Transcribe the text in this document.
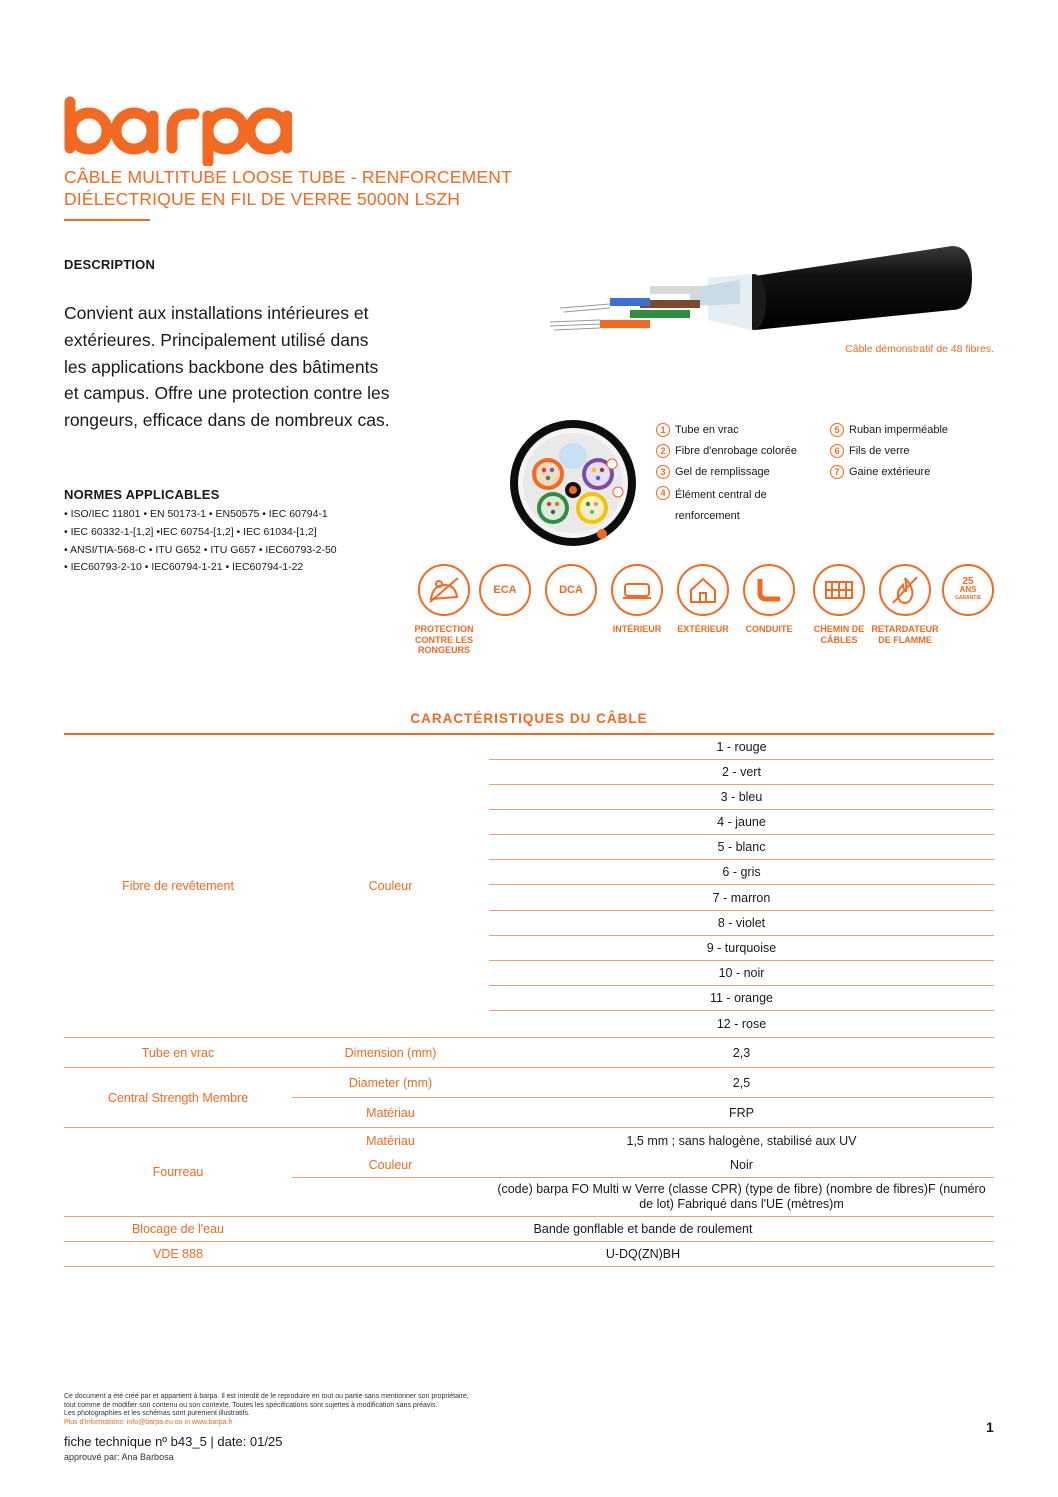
CÂBLE MULTITUBE LOOSE TUBE - RENFORCEMENT
DIÉLECTRIQUE EN FIL DE VERRE 5000N LSZH
DESCRIPTION
Convient aux installations intérieures et extérieures. Principalement utilisé dans les applications backbone des bâtiments et campus. Offre une protection contre les rongeurs, efficace dans de nombreux cas.
NORMES APPLICABLES
• ISO/IEC 11801 • EN 50173-1 • EN50575 • IEC 60794-1
• IEC 60332-1-[1,2] •IEC 60754-[1,2] • IEC 61034-[1,2]
• ANSI/TIA-568-C • ITU G652 • ITU G657 • IEC60793-2-50
• IEC60793-2-10 • IEC60794-1-21 • IEC60794-1-22
Câble démonstratif de 48 fibres.
1 Tube en vrac
2 Fibre d'enrobage colorée
3 Gel de remplissage
4 Élément central de renforcement
5 Ruban imperméable
6 Fils de verre
7 Gaine extérieure
PROTECTION CONTRE LES RONGEURS
ECA	DCA
INTÉRIEUR	EXTÉRIEUR	CONDUITE	CHEMIN DE CÂBLES
RETARDATEUR DE FLAMME
25
ANS
GARANTIE
CARACTÉRISTIQUES DU CÂBLE
Fibre de revêtement	Couleur	1 - rouge
		2 - vert
		3 - bleu
		4 - jaune
		5 - blanc
		6 - gris
		7 - marron
		8 - violet
		9 - turquoise
		10 - noir
		11 - orange
		12 - rose
Tube en vrac	Dimension (mm)	2,3
Central Strength Membre	Diameter (mm)	2,5
	Matériau	FRP
Fourreau	Matériau	1,5 mm ; sans halogène, stabilisé aux UV
	Couleur	Noir
		(code) barpa FO Multi w Verre (classe CPR) (type de fibre) (nombre de fibres)F (numéro de lot) Fabriqué dans l'UE (mètres)m
Blocage de l'eau	Bande gonflable et bande de roulement	
VDE 888	U-DQ(ZN)BH	
Ce document a été créé par et appartient à barpa. Il est interdit de le reproduire en tout ou partie sans mentionner son propriétaire,
tout comme de modifier son contenu ou son contexte. Toutes les spécifications sont sujettes à modification sans préavis.
Les photographies et les schémas sont purement illustratifs.
Plus d'informations: info@barpa.eu ou in www.barpa.fr	1
fiche technique nº b43_5 | date: 01/25
approuvé par: Ana Barbosa
